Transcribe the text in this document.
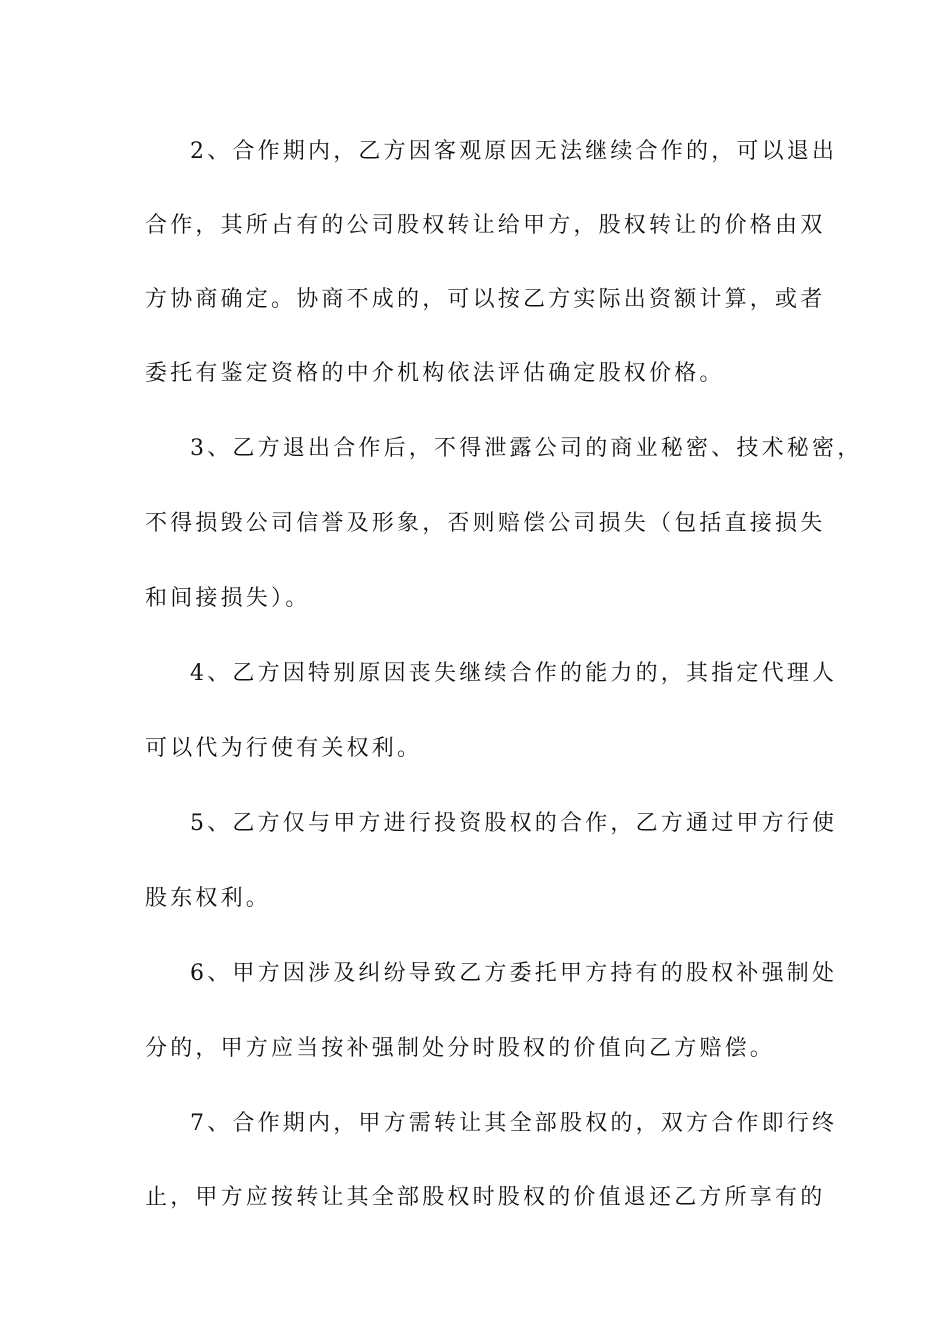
2、合作期内，乙方因客观原因无法继续合作的，可以退出
合作，其所占有的公司股权转让给甲方，股权转让的价格由双
方协商确定。协商不成的，可以按乙方实际出资额计算，或者
委托有鉴定资格的中介机构依法评估确定股权价格。
3、乙方退出合作后，不得泄露公司的商业秘密、技术秘密，
不得损毁公司信誉及形象，否则赔偿公司损失（包括直接损失
和间接损失）。
4、乙方因特别原因丧失继续合作的能力的，其指定代理人
可以代为行使有关权利。
5、乙方仅与甲方进行投资股权的合作，乙方通过甲方行使
股东权利。
6、甲方因涉及纠纷导致乙方委托甲方持有的股权补强制处
分的，甲方应当按补强制处分时股权的价值向乙方赔偿。
7、合作期内，甲方需转让其全部股权的，双方合作即行终
止，甲方应按转让其全部股权时股权的价值退还乙方所享有的
